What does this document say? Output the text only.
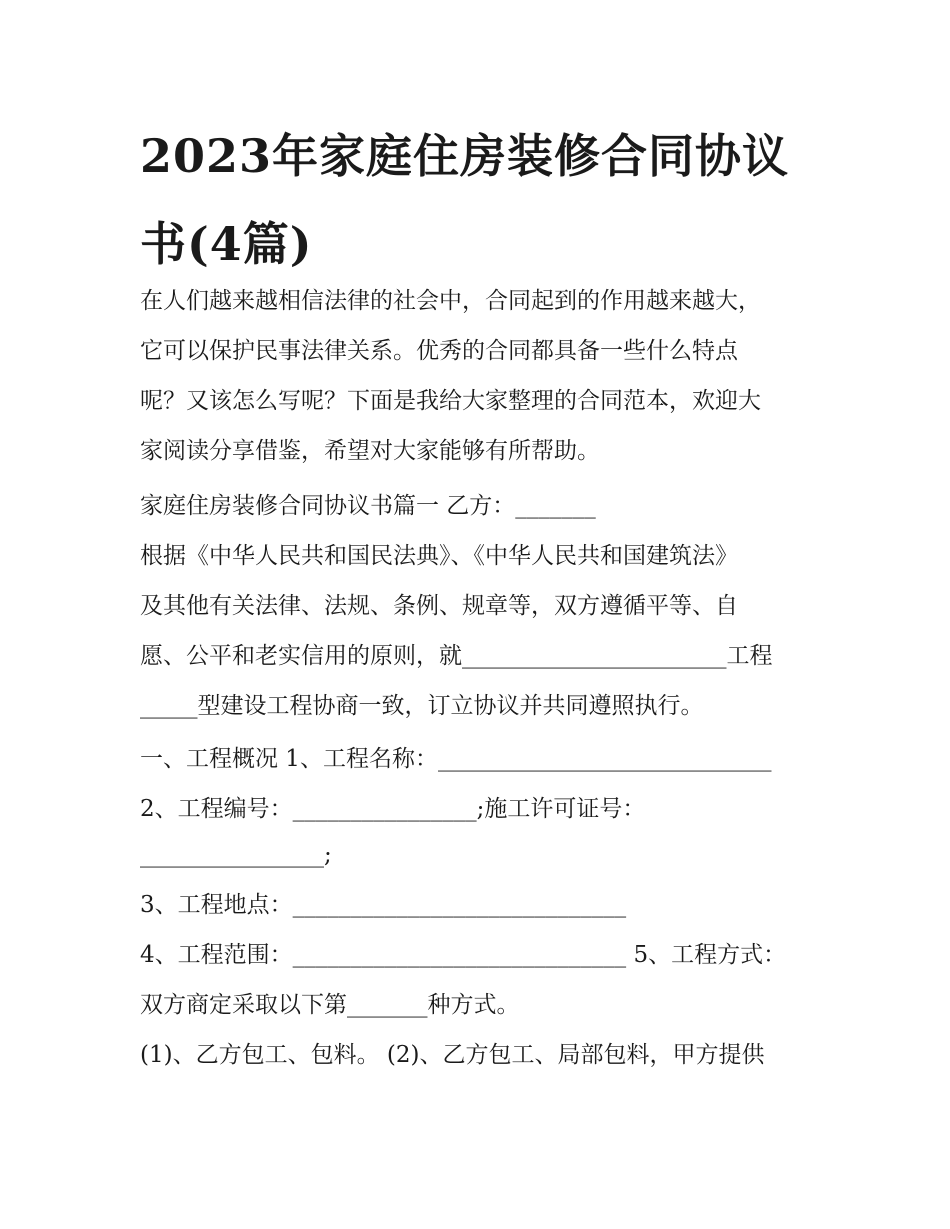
2023年家庭住房装修合同协议书(4篇)

在人们越来越相信法律的社会中，合同起到的作用越来越大，

它可以保护民事法律关系。优秀的合同都具备一些什么特点

呢？又该怎么写呢？下面是我给大家整理的合同范本，欢迎大

家阅读分享借鉴，希望对大家能够有所帮助。

家庭住房装修合同协议书篇一 乙方：_______

根据《中华人民共和国民法典》、《中华人民共和国建筑法》

及其他有关法律、法规、条例、规章等，双方遵循平等、自

愿、公平和老实信用的原则，就_______________________工程

_____型建设工程协商一致，订立协议并共同遵照执行。

一、工程概况 1、工程名称：_____________________________

2、工程编号：________________;施工许可证号：

________________;

3、工程地点：_____________________________

4、工程范围：_____________________________ 5、工程方式：

双方商定采取以下第_______种方式。

(1)、乙方包工、包料。 (2)、乙方包工、局部包料，甲方提供
